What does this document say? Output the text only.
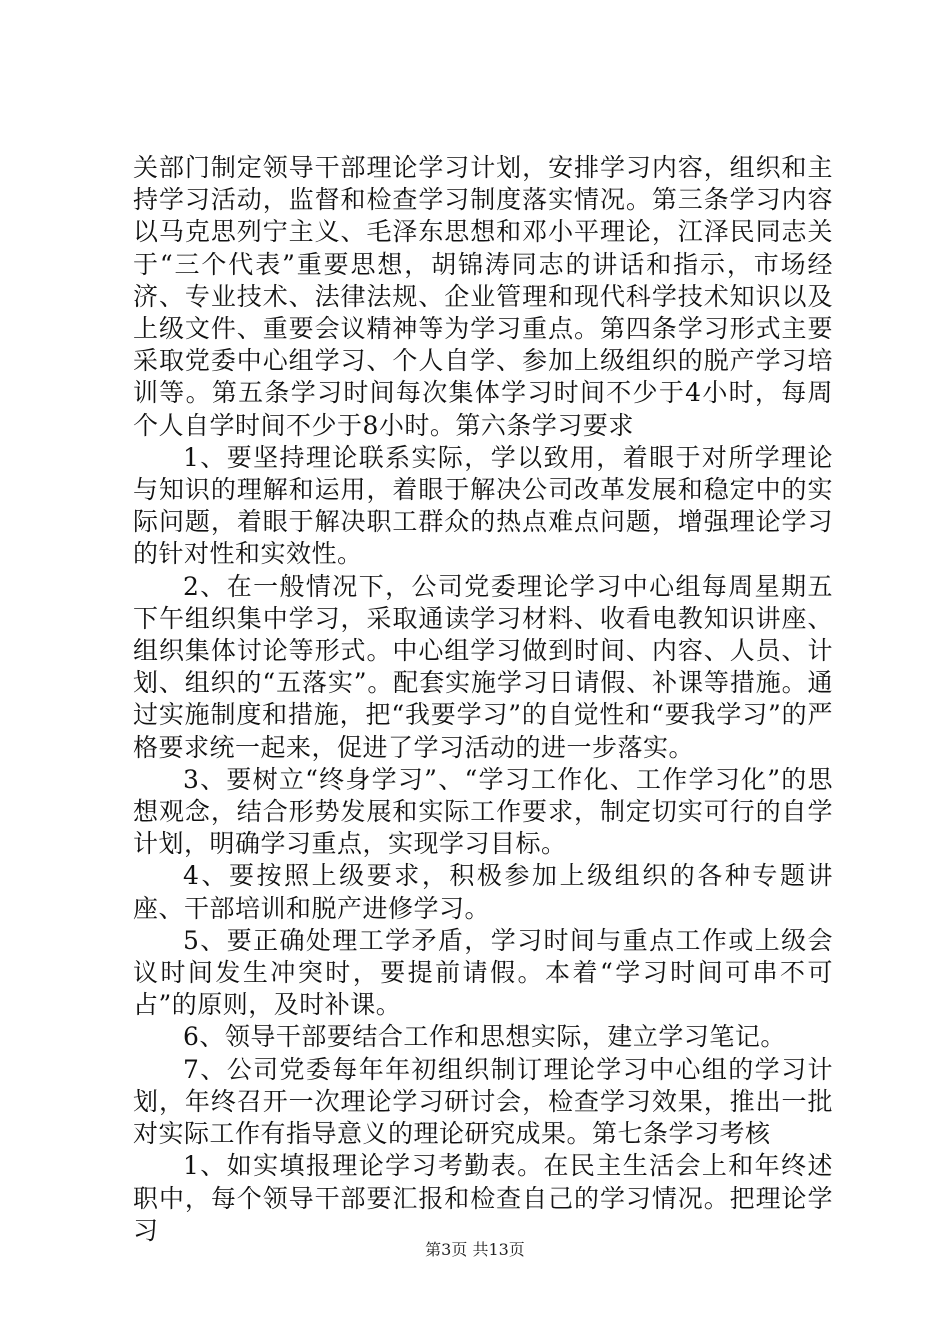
关部门制定领导干部理论学习计划，安排学习内容，组织和主持学习活动，监督和检查学习制度落实情况。第三条学习内容以马克思列宁主义、毛泽东思想和邓小平理论，江泽民同志关于“三个代表”重要思想，胡锦涛同志的讲话和指示，市场经济、专业技术、法律法规、企业管理和现代科学技术知识以及上级文件、重要会议精神等为学习重点。第四条学习形式主要采取党委中心组学习、个人自学、参加上级组织的脱产学习培训等。第五条学习时间每次集体学习时间不少于4小时，每周个人自学时间不少于8小时。第六条学习要求

1、要坚持理论联系实际，学以致用，着眼于对所学理论与知识的理解和运用，着眼于解决公司改革发展和稳定中的实际问题，着眼于解决职工群众的热点难点问题，增强理论学习的针对性和实效性。

2、在一般情况下，公司党委理论学习中心组每周星期五下午组织集中学习，采取通读学习材料、收看电教知识讲座、组织集体讨论等形式。中心组学习做到时间、内容、人员、计划、组织的“五落实”。配套实施学习日请假、补课等措施。通过实施制度和措施，把“我要学习”的自觉性和“要我学习”的严格要求统一起来，促进了学习活动的进一步落实。

3、要树立“终身学习”、“学习工作化、工作学习化”的思想观念，结合形势发展和实际工作要求，制定切实可行的自学计划，明确学习重点，实现学习目标。

4、要按照上级要求，积极参加上级组织的各种专题讲座、干部培训和脱产进修学习。

5、要正确处理工学矛盾，学习时间与重点工作或上级会议时间发生冲突时，要提前请假。本着“学习时间可串不可占”的原则，及时补课。

6、领导干部要结合工作和思想实际，建立学习笔记。

7、公司党委每年年初组织制订理论学习中心组的学习计划，年终召开一次理论学习研讨会，检查学习效果，推出一批对实际工作有指导意义的理论研究成果。第七条学习考核

1、如实填报理论学习考勤表。在民主生活会上和年终述职中，每个领导干部要汇报和检查自己的学习情况。把理论学习

第3页 共13页
